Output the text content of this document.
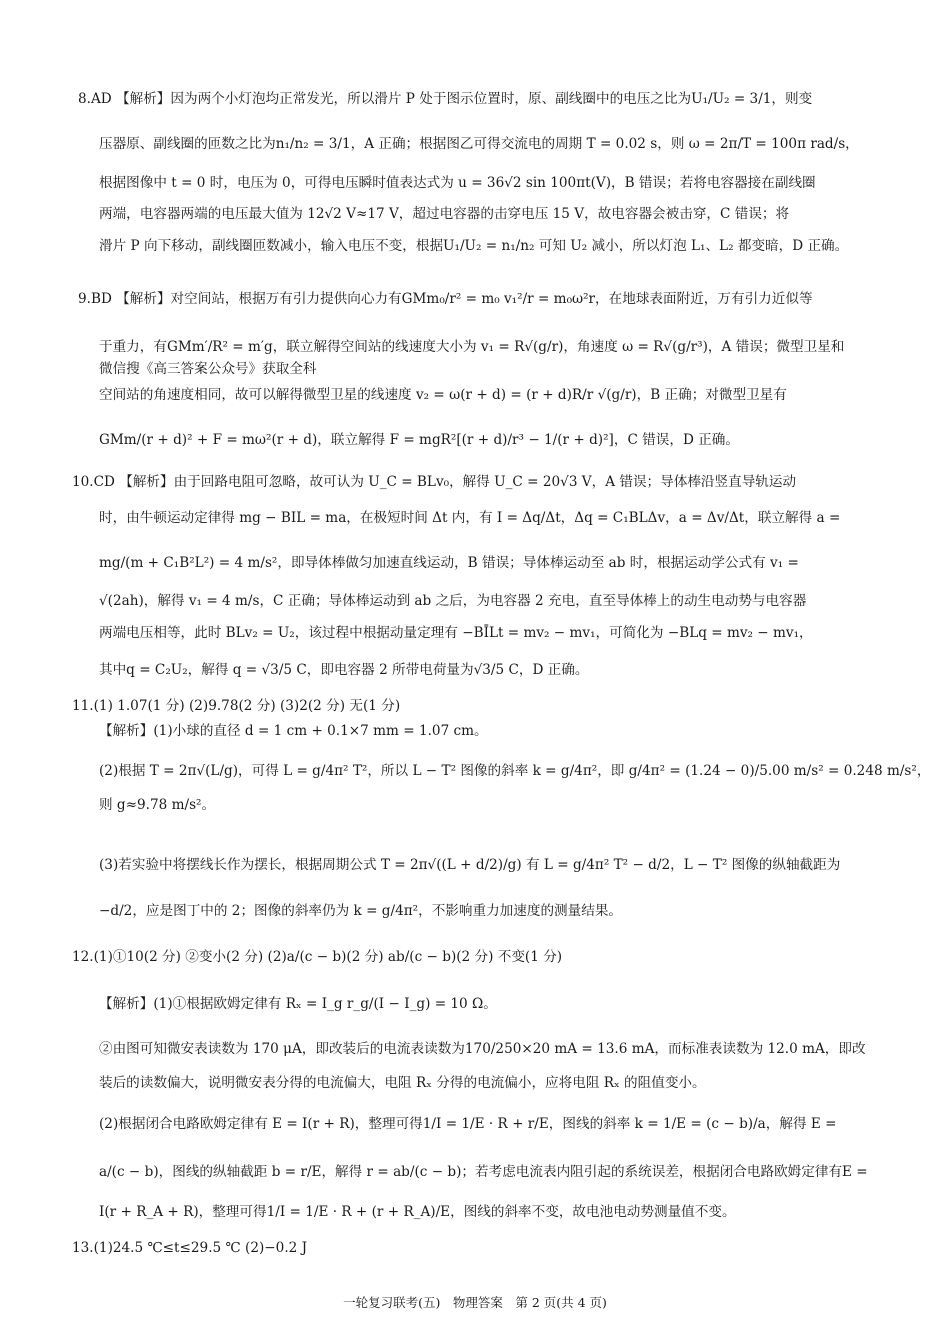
8.AD 【解析】因为两个小灯泡均正常发光，所以滑片 P 处于图示位置时，原、副线圈中的电压之比为U₁/U₂ = 3/1，则变
压器原、副线圈的匝数之比为n₁/n₂ = 3/1，A 正确；根据图乙可得交流电的周期 T = 0.02 s，则 ω = 2π/T = 100π rad/s，
根据图像中 t = 0 时，电压为 0，可得电压瞬时值表达式为 u = 36√2 sin 100πt(V)，B 错误；若将电容器接在副线圈
两端，电容器两端的电压最大值为 12√2 V≈17 V，超过电容器的击穿电压 15 V，故电容器会被击穿，C 错误；将
滑片 P 向下移动，副线圈匝数减小，输入电压不变，根据U₁/U₂ = n₁/n₂ 可知 U₂ 减小，所以灯泡 L₁、L₂ 都变暗，D 正确。
9.BD 【解析】对空间站，根据万有引力提供向心力有GMm₀/r² = m₀ v₁²/r = m₀ω²r，在地球表面附近，万有引力近似等
于重力，有GMm′/R² = m′g，联立解得空间站的线速度大小为 v₁ = R√(g/r)，角速度 ω = R√(g/r³)，A 错误；微型卫星和
微信搜《高三答案公众号》获取全科
空间站的角速度相同，故可以解得微型卫星的线速度 v₂ = ω(r + d) = (r + d)R/r √(g/r)，B 正确；对微型卫星有
GMm/(r + d)² + F = mω²(r + d)，联立解得 F = mgR²[(r + d)/r³ − 1/(r + d)²]，C 错误，D 正确。
10.CD 【解析】由于回路电阻可忽略，故可认为 U_C = BLv₀，解得 U_C = 20√3 V，A 错误；导体棒沿竖直导轨运动
时，由牛顿运动定律得 mg − BIL = ma，在极短时间 Δt 内，有 I = Δq/Δt，Δq = C₁BLΔv，a = Δv/Δt，联立解得 a =
mg/(m + C₁B²L²) = 4 m/s²，即导体棒做匀加速直线运动，B 错误；导体棒运动至 ab 时，根据运动学公式有 v₁ =
√(2ah)，解得 v₁ = 4 m/s，C 正确；导体棒运动到 ab 之后，为电容器 2 充电，直至导体棒上的动生电动势与电容器
两端电压相等，此时 BLv₂ = U₂，该过程中根据动量定理有 −BĪLt = mv₂ − mv₁，可简化为 −BLq = mv₂ − mv₁，
其中q = C₂U₂，解得 q = √3/5 C，即电容器 2 所带电荷量为√3/5 C，D 正确。
11.(1) 1.07(1 分) (2)9.78(2 分) (3)2(2 分) 无(1 分)
【解析】(1)小球的直径 d = 1 cm + 0.1×7 mm = 1.07 cm。
(2)根据 T = 2π√(L/g)，可得 L = g/4π² T²，所以 L − T² 图像的斜率 k = g/4π²，即 g/4π² = (1.24 − 0)/5.00 m/s² = 0.248 m/s²，
则 g≈9.78 m/s²。
(3)若实验中将摆线长作为摆长，根据周期公式 T = 2π√((L + d/2)/g) 有 L = g/4π² T² − d/2，L − T² 图像的纵轴截距为
−d/2，应是图丁中的 2；图像的斜率仍为 k = g/4π²，不影响重力加速度的测量结果。
12.(1)①10(2 分) ②变小(2 分) (2)a/(c − b)(2 分) ab/(c − b)(2 分) 不变(1 分)
【解析】(1)①根据欧姆定律有 Rₓ = I_g r_g/(I − I_g) = 10 Ω。
②由图可知微安表读数为 170 μA，即改装后的电流表读数为170/250×20 mA = 13.6 mA，而标准表读数为 12.0 mA，即改
装后的读数偏大，说明微安表分得的电流偏大，电阻 Rₓ 分得的电流偏小，应将电阻 Rₓ 的阻值变小。
(2)根据闭合电路欧姆定律有 E = I(r + R)，整理可得1/I = 1/E · R + r/E，图线的斜率 k = 1/E = (c − b)/a，解得 E =
a/(c − b)，图线的纵轴截距 b = r/E，解得 r = ab/(c − b)；若考虑电流表内阻引起的系统误差，根据闭合电路欧姆定律有E =
I(r + R_A + R)，整理可得1/I = 1/E · R + (r + R_A)/E，图线的斜率不变，故电池电动势测量值不变。
13.(1)24.5 ℃≤t≤29.5 ℃ (2)−0.2 J
一轮复习联考(五)　物理答案　第 2 页(共 4 页)
